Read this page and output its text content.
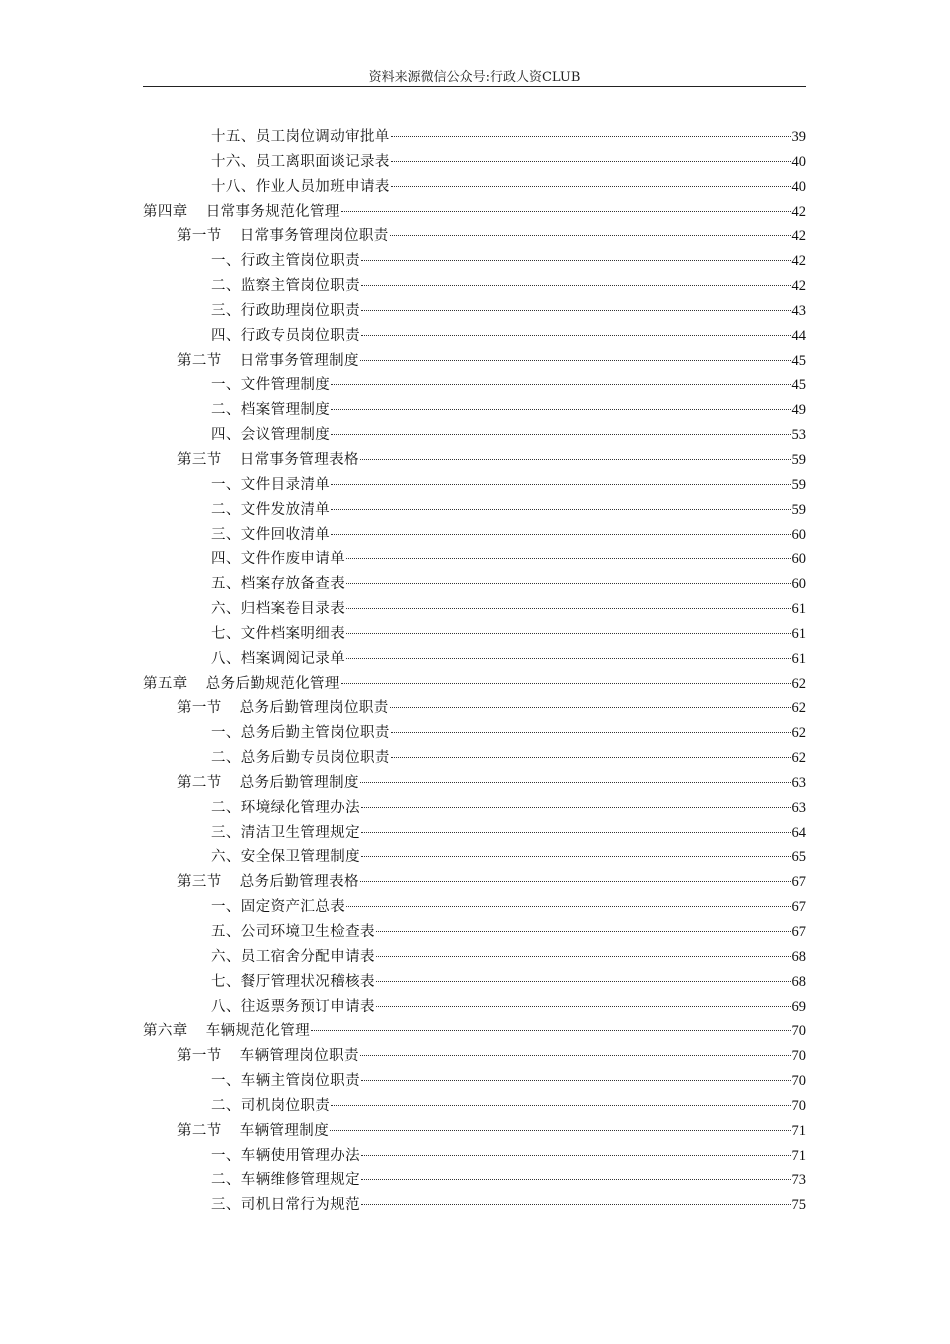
资料来源微信公众号:行政人资CLUB
十五、员工岗位调动审批单	39
十六、员工离职面谈记录表	40
十八、作业人员加班申请表	40
第四章 日常事务规范化管理	42
第一节 日常事务管理岗位职责	42
一、行政主管岗位职责	42
二、监察主管岗位职责	42
三、行政助理岗位职责	43
四、行政专员岗位职责	44
第二节 日常事务管理制度	45
一、文件管理制度	45
二、档案管理制度	49
四、会议管理制度	53
第三节 日常事务管理表格	59
一、文件目录清单	59
二、文件发放清单	59
三、文件回收清单	60
四、文件作废申请单	60
五、档案存放备查表	60
六、归档案卷目录表	61
七、文件档案明细表	61
八、档案调阅记录单	61
第五章 总务后勤规范化管理	62
第一节 总务后勤管理岗位职责	62
一、总务后勤主管岗位职责	62
二、总务后勤专员岗位职责	62
第二节 总务后勤管理制度	63
二、环境绿化管理办法	63
三、清洁卫生管理规定	64
六、安全保卫管理制度	65
第三节 总务后勤管理表格	67
一、固定资产汇总表	67
五、公司环境卫生检查表	67
六、员工宿舍分配申请表	68
七、餐厅管理状况稽核表	68
八、往返票务预订申请表	69
第六章 车辆规范化管理	70
第一节 车辆管理岗位职责	70
一、车辆主管岗位职责	70
二、司机岗位职责	70
第二节 车辆管理制度	71
一、车辆使用管理办法	71
二、车辆维修管理规定	73
三、司机日常行为规范	75
